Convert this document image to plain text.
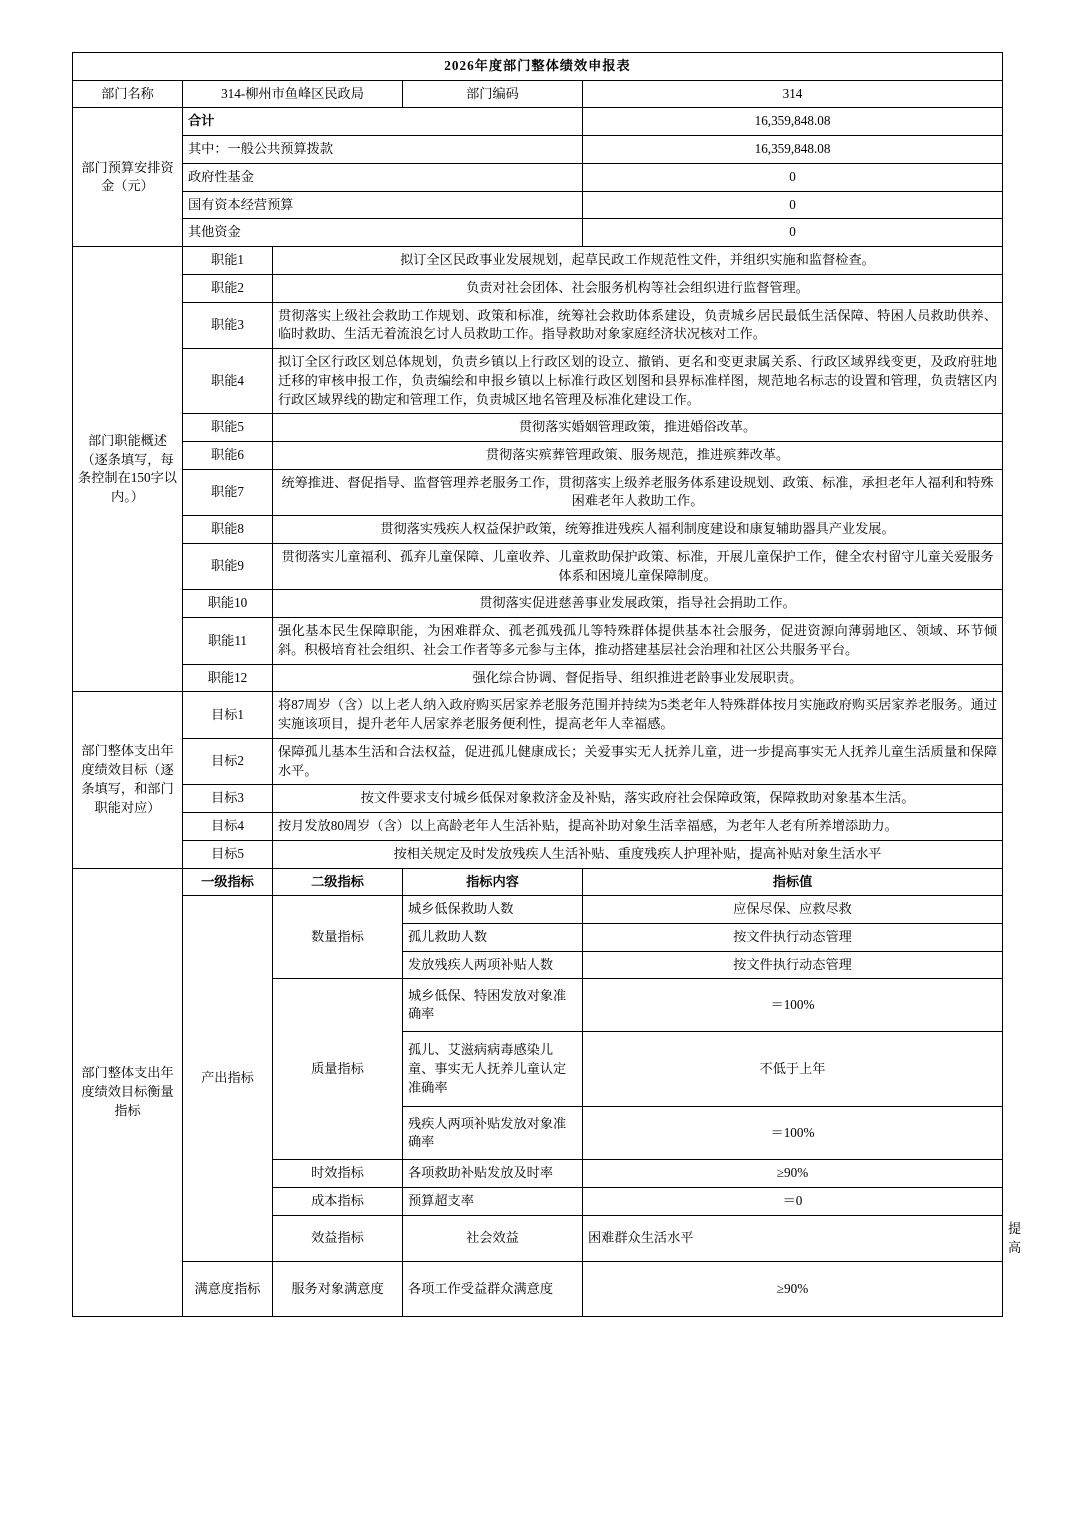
2026年度部门整体绩效申报表					
部门名称	314-柳州市鱼峰区民政局		部门编码	314	
部门预算安排资金（元）	合计			16,359,848.08	
	其中：一般公共预算拨款			16,359,848.08	
	政府性基金			0	
	国有资本经营预算			0	
	其他资金			0	
部门职能概述（逐条填写，每条控制在150字以内。）	职能1	拟订全区民政事业发展规划，起草民政工作规范性文件，并组织实施和监督检查。			
	职能2	负责对社会团体、社会服务机构等社会组织进行监督管理。			
	职能3	贯彻落实上级社会救助工作规划、政策和标准，统筹社会救助体系建设，负责城乡居民最低生活保障、特困人员救助供养、临时救助、生活无着流浪乞讨人员救助工作。指导救助对象家庭经济状况核对工作。			
	职能4	拟订全区行政区划总体规划，负责乡镇以上行政区划的设立、撤销、更名和变更隶属关系、行政区域界线变更，及政府驻地迁移的审核申报工作，负责编绘和申报乡镇以上标准行政区划图和县界标准样图，规范地名标志的设置和管理，负责辖区内行政区域界线的勘定和管理工作，负责城区地名管理及标准化建设工作。			
	职能5	贯彻落实婚姻管理政策，推进婚俗改革。			
	职能6	贯彻落实殡葬管理政策、服务规范，推进殡葬改革。			
	职能7	统筹推进、督促指导、监督管理养老服务工作，贯彻落实上级养老服务体系建设规划、政策、标准，承担老年人福利和特殊困难老年人救助工作。			
	职能8	贯彻落实残疾人权益保护政策，统筹推进残疾人福利制度建设和康复辅助器具产业发展。			
	职能9	贯彻落实儿童福利、孤弃儿童保障、儿童收养、儿童救助保护政策、标准，开展儿童保护工作，健全农村留守儿童关爱服务体系和困境儿童保障制度。			
	职能10	贯彻落实促进慈善事业发展政策，指导社会捐助工作。			
	职能11	强化基本民生保障职能，为困难群众、孤老孤残孤儿等特殊群体提供基本社会服务，促进资源向薄弱地区、领域、环节倾斜。积极培育社会组织、社会工作者等多元参与主体，推动搭建基层社会治理和社区公共服务平台。			
	职能12	强化综合协调、督促指导、组织推进老龄事业发展职责。			
部门整体支出年度绩效目标（逐条填写，和部门职能对应）	目标1	将87周岁（含）以上老人纳入政府购买居家养老服务范围并持续为5类老年人特殊群体按月实施政府购买居家养老服务。通过实施该项目，提升老年人居家养老服务便利性，提高老年人幸福感。			
	目标2	保障孤儿基本生活和合法权益，促进孤儿健康成长；关爱事实无人抚养儿童，进一步提高事实无人抚养儿童生活质量和保障水平。			
	目标3	按文件要求支付城乡低保对象救济金及补贴，落实政府社会保障政策，保障救助对象基本生活。			
	目标4	按月发放80周岁（含）以上高龄老年人生活补贴，提高补助对象生活幸福感，为老年人老有所养增添助力。			
	目标5	按相关规定及时发放残疾人生活补贴、重度残疾人护理补贴，提高补贴对象生活水平			
部门整体支出年度绩效目标衡量指标	一级指标	二级指标	指标内容	指标值	
	产出指标	数量指标	城乡低保救助人数	应保尽保、应救尽救	
			孤儿救助人数	按文件执行动态管理	
			发放残疾人两项补贴人数	按文件执行动态管理	
		质量指标	城乡低保、特困发放对象准确率	＝100%	
			孤儿、艾滋病病毒感染儿童、事实无人抚养儿童认定准确率	不低于上年	
			残疾人两项补贴发放对象准确率	＝100%	
		时效指标	各项救助补贴发放及时率	≥90%	
		成本指标	预算超支率	＝0	
		效益指标	社会效益	困难群众生活水平	提高
	满意度指标	服务对象满意度	各项工作受益群众满意度	≥90%	
